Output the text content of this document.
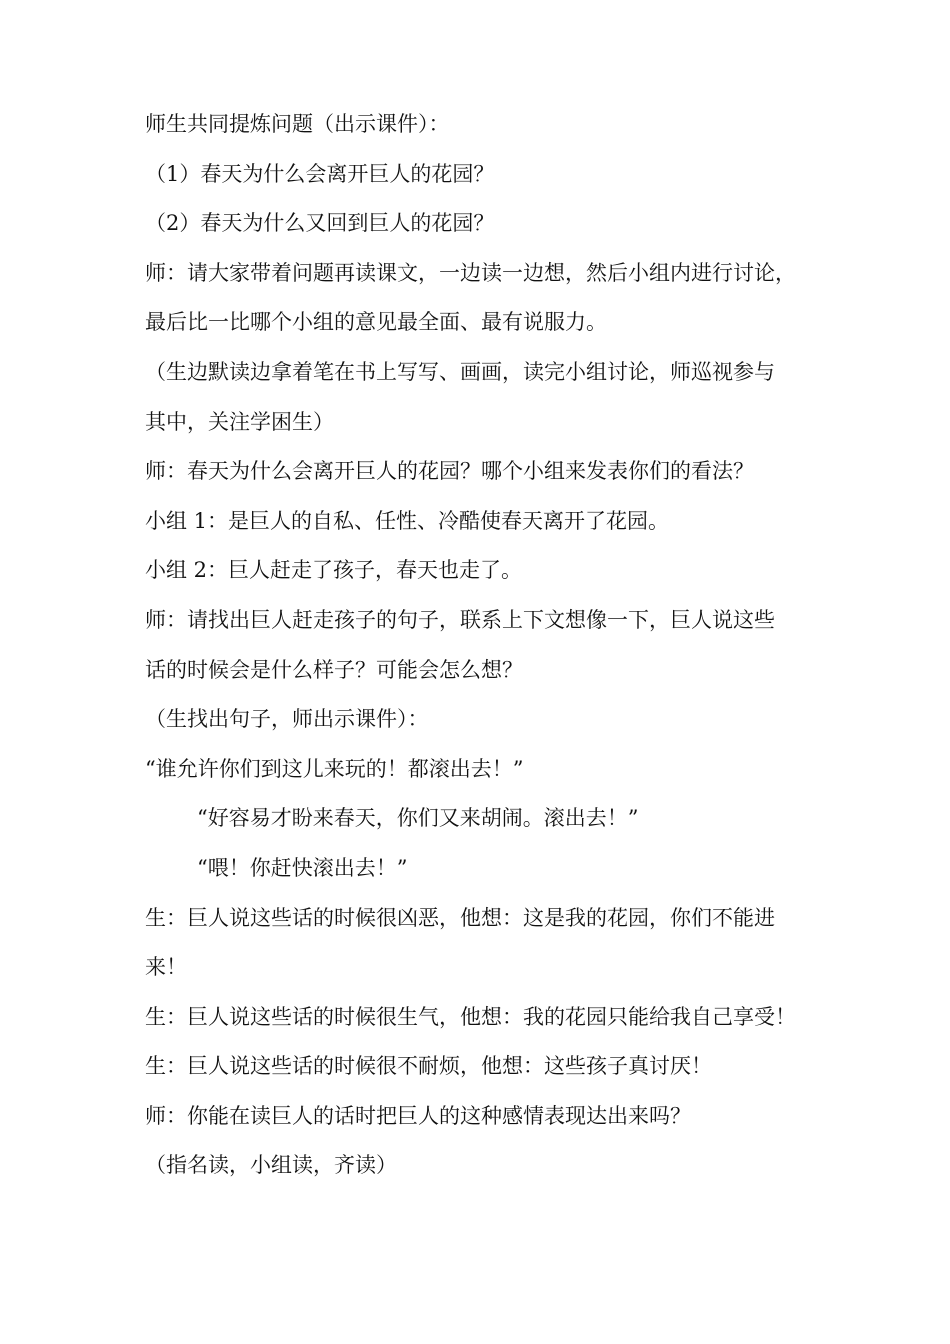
师生共同提炼问题（出示课件）：
（1）春天为什么会离开巨人的花园？
（2）春天为什么又回到巨人的花园？
师：请大家带着问题再读课文，一边读一边想，然后小组内进行讨论，
最后比一比哪个小组的意见最全面、最有说服力。
（生边默读边拿着笔在书上写写、画画，读完小组讨论，师巡视参与
其中，关注学困生）
师：春天为什么会离开巨人的花园？哪个小组来发表你们的看法？
小组 1：是巨人的自私、任性、冷酷使春天离开了花园。
小组 2：巨人赶走了孩子，春天也走了。
师：请找出巨人赶走孩子的句子，联系上下文想像一下，巨人说这些
话的时候会是什么样子？可能会怎么想？
（生找出句子，师出示课件）：
“谁允许你们到这儿来玩的！都滚出去！”
“好容易才盼来春天，你们又来胡闹。滚出去！”
“喂！你赶快滚出去！”
生：巨人说这些话的时候很凶恶，他想：这是我的花园，你们不能进
来！
生：巨人说这些话的时候很生气，他想：我的花园只能给我自己享受！
生：巨人说这些话的时候很不耐烦，他想：这些孩子真讨厌！
师：你能在读巨人的话时把巨人的这种感情表现达出来吗？
（指名读，小组读，齐读）
